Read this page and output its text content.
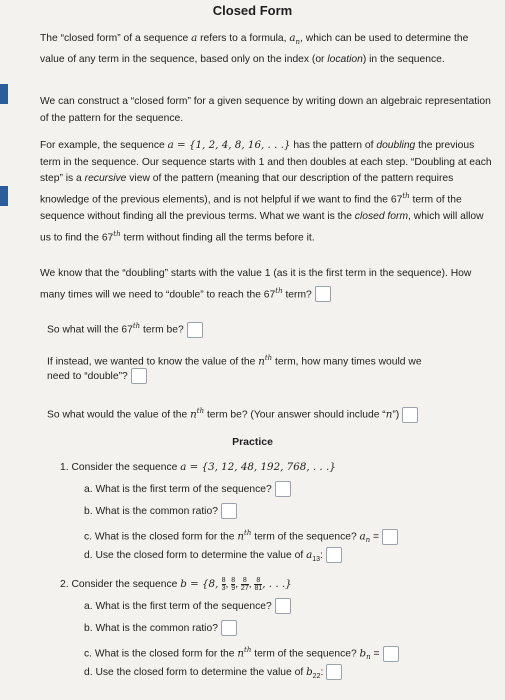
Closed Form
The “closed form” of a sequence a refers to a formula, $a_n$, which can be used to determine the value of any term in the sequence, based only on the index (or location) in the sequence.
We can construct a “closed form” for a given sequence by writing down an algebraic representation of the pattern for the sequence.
For example, the sequence a = {1, 2, 4, 8, 16, . . .} has the pattern of doubling the previous term in the sequence. Our sequence starts with 1 and then doubles at each step. “Doubling at each step” is a recursive view of the pattern (meaning that our description of the pattern requires knowledge of the previous elements), and is not helpful if we want to find the 67th term of the sequence without finding all the previous terms. What we want is the closed form, which will allow us to find the 67th term without finding all the terms before it.
We know that the “doubling” starts with the value 1 (as it is the first term in the sequence). How many times will we need to “double” to reach the 67th term?
So what will the 67th term be?
If instead, we wanted to know the value of the $n^{th}$ term, how many times would we
need to “double”?
So what would the value of the $n^{th}$ term be? (Your answer should include “n”)
Practice
1. Consider the sequence a = {3, 12, 48, 192, 768, . . .}
a. What is the first term of the sequence?
b. What is the common ratio?
c. What is the closed form for the $n^{th}$ term of the sequence? $a_n$ =
d. Use the closed form to determine the value of $a_{13}$:
2. Consider the sequence b = {8, $\frac{8}{3}$ , $\frac{8}{9}$ , $\frac{8}{27}$ , $\frac{8}{81}$ , . . .}
a. What is the first term of the sequence?
b. What is the common ratio?
c. What is the closed form for the $n^{th}$ term of the sequence? $b_n$ =
d. Use the closed form to determine the value of $b_{22}$:
